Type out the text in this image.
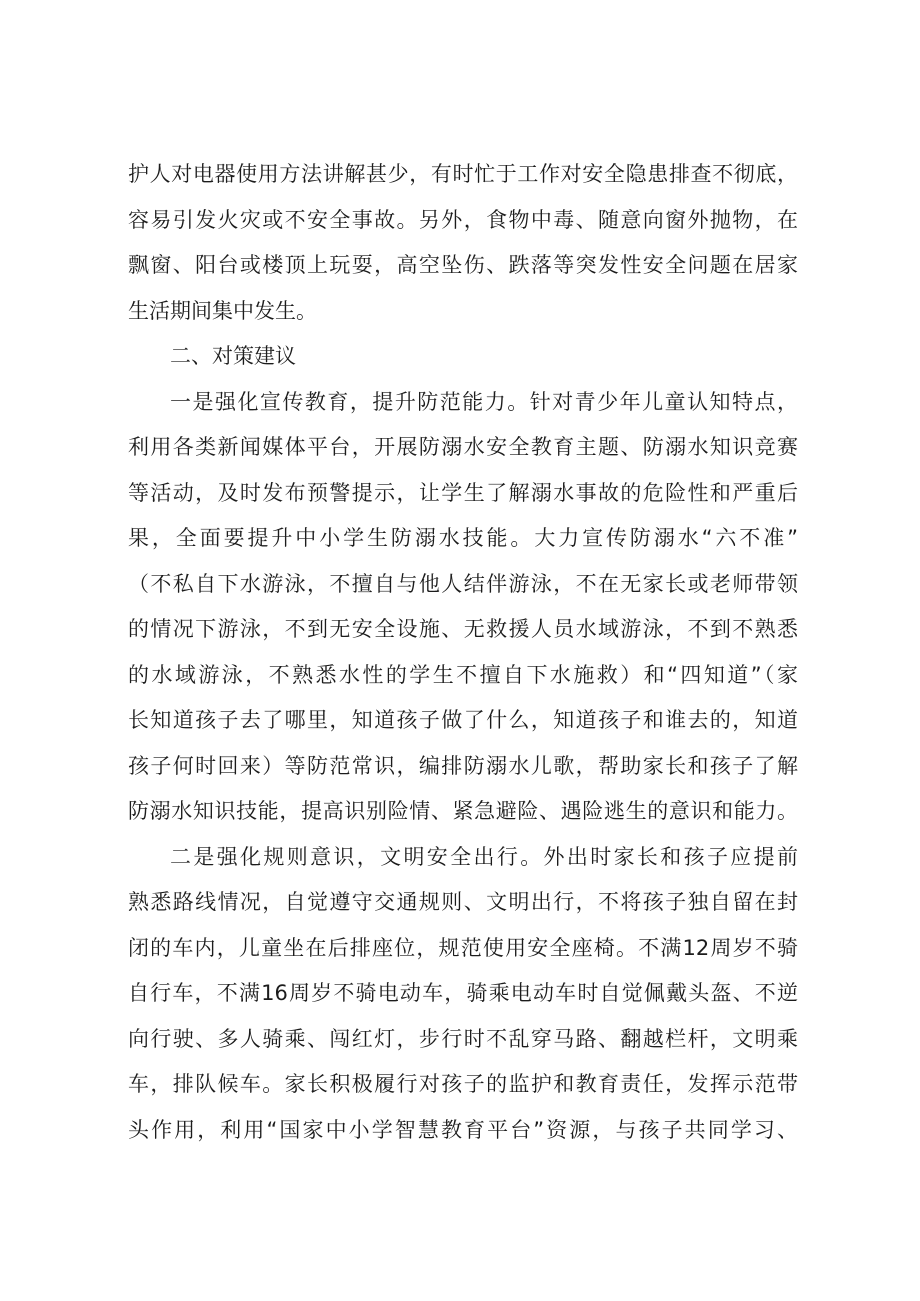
护人对电器使用方法讲解甚少，有时忙于工作对安全隐患排查不彻底，
容易引发火灾或不安全事故。另外，食物中毒、随意向窗外抛物，在
飘窗、阳台或楼顶上玩耍，高空坠伤、跌落等突发性安全问题在居家
生活期间集中发生。
二、对策建议
一是强化宣传教育，提升防范能力。针对青少年儿童认知特点，
利用各类新闻媒体平台，开展防溺水安全教育主题、防溺水知识竞赛
等活动，及时发布预警提示，让学生了解溺水事故的危险性和严重后
果，全面要提升中小学生防溺水技能。大力宣传防溺水“六不准”
（不私自下水游泳，不擅自与他人结伴游泳，不在无家长或老师带领
的情况下游泳，不到无安全设施、无救援人员水域游泳，不到不熟悉
的水域游泳，不熟悉水性的学生不擅自下水施救）和“四知道”（家
长知道孩子去了哪里，知道孩子做了什么，知道孩子和谁去的，知道
孩子何时回来）等防范常识，编排防溺水儿歌，帮助家长和孩子了解
防溺水知识技能，提高识别险情、紧急避险、遇险逃生的意识和能力。
二是强化规则意识，文明安全出行。外出时家长和孩子应提前
熟悉路线情况，自觉遵守交通规则、文明出行，不将孩子独自留在封
闭的车内，儿童坐在后排座位，规范使用安全座椅。不满12周岁不骑
自行车，不满16周岁不骑电动车，骑乘电动车时自觉佩戴头盔、不逆
向行驶、多人骑乘、闯红灯，步行时不乱穿马路、翻越栏杆，文明乘
车，排队候车。家长积极履行对孩子的监护和教育责任，发挥示范带
头作用，利用“国家中小学智慧教育平台”资源，与孩子共同学习、
